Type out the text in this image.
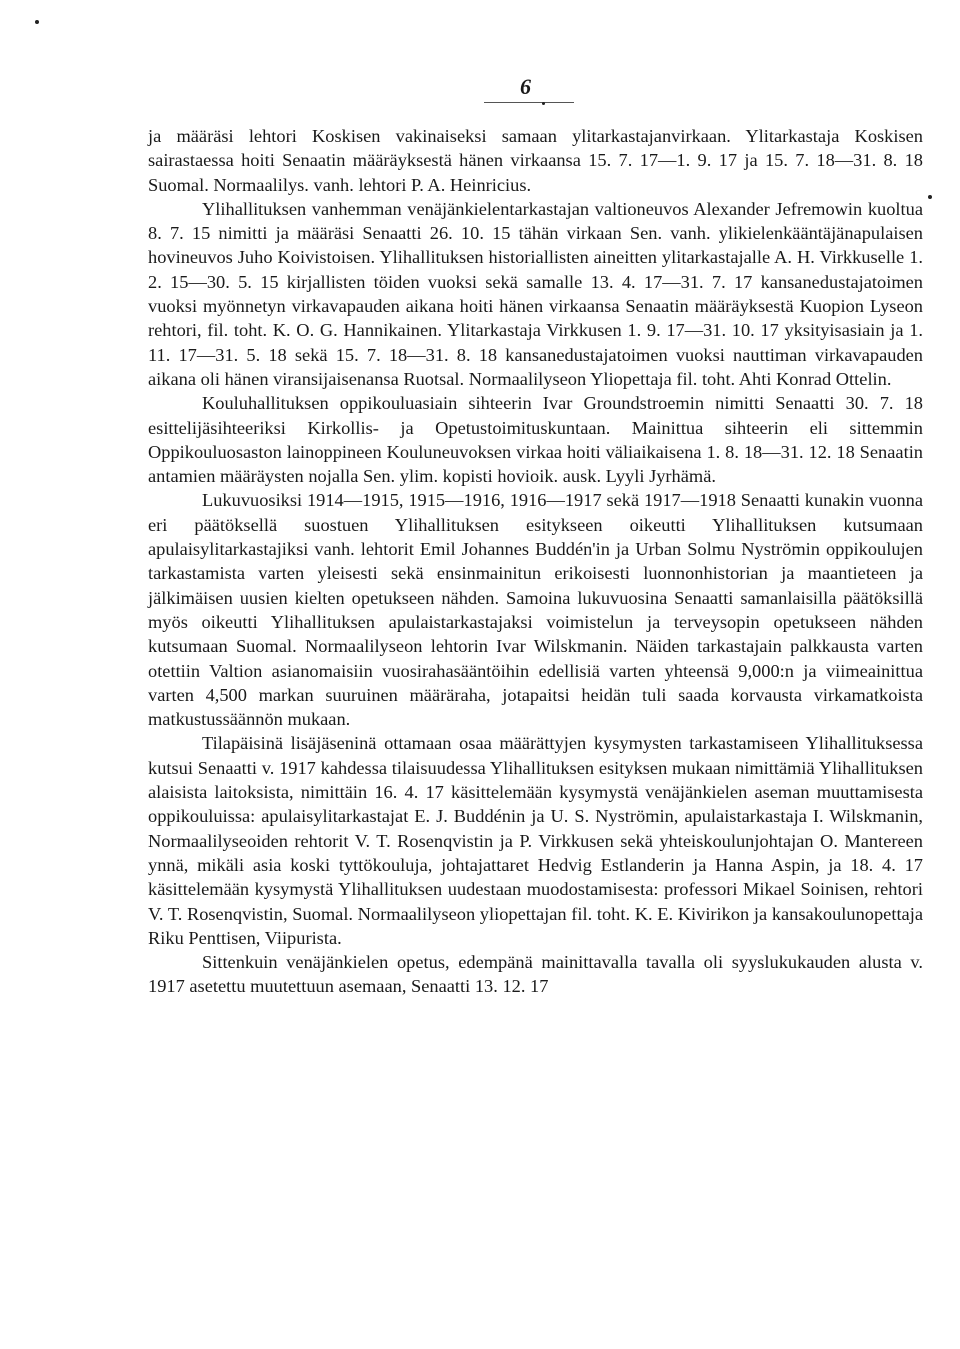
6

ja määräsi lehtori Koskisen vakinaiseksi samaan ylitarkastajanvirkaan. Ylitarkastaja Koskisen sairastaessa hoiti Senaatin määräyksestä hänen virkaansa 15. 7. 17—1. 9. 17 ja 15. 7. 18—31. 8. 18 Suomal. Normaalilys. vanh. lehtori P. A. Heinricius.

Ylihallituksen vanhemman venäjänkielentarkastajan valtioneuvos Alexander Jefremowin kuoltua 8. 7. 15 nimitti ja määräsi Senaatti 26. 10. 15 tähän virkaan Sen. vanh. ylikielenkääntäjänapulaisen hovineuvos Juho Koivistoisen. Ylihallituksen historiallisten aineitten ylitarkastajalle A. H. Virkkuselle 1. 2. 15—30. 5. 15 kirjallisten töiden vuoksi sekä samalle 13. 4. 17—31. 7. 17 kansanedustajatoimen vuoksi myönnetyn virkavapauden aikana hoiti hänen virkaansa Senaatin määräyksestä Kuopion Lyseon rehtori, fil. toht. K. O. G. Hannikainen. Ylitarkastaja Virkkusen 1. 9. 17—31. 10. 17 yksityisasiain ja 1. 11. 17—31. 5. 18 sekä 15. 7. 18—31. 8. 18 kansanedustajatoimen vuoksi nauttiman virkavapauden aikana oli hänen viransijaisenansa Ruotsal. Normaalilyseon Yliopettaja fil. toht. Ahti Konrad Ottelin.

Kouluhallituksen oppikouluasiain sihteerin Ivar Groundstroemin nimitti Senaatti 30. 7. 18 esittelijäsihteeriksi Kirkollis- ja Opetustoimituskuntaan. Mainittua sihteerin eli sittemmin Oppikouluosaston lainoppineen Kouluneuvoksen virkaa hoiti väliaikaisena 1. 8. 18—31. 12. 18 Senaatin antamien määräysten nojalla Sen. ylim. kopisti hovioik. ausk. Lyyli Jyrhämä.

Lukuvuosiksi 1914—1915, 1915—1916, 1916—1917 sekä 1917—1918 Senaatti kunakin vuonna eri päätöksellä suostuen Ylihallituksen esitykseen oikeutti Ylihallituksen kutsumaan apulaisylitarkastajiksi vanh. lehtorit Emil Johannes Buddén'in ja Urban Solmu Nyströmin oppikoulujen tarkastamista varten yleisesti sekä ensinmainitun erikoisesti luonnonhistorian ja maantieteen ja jälkimäisen uusien kielten opetukseen nähden. Samoina lukuvuosina Senaatti samanlaisilla päätöksillä myös oikeutti Ylihallituksen apulaistarkastajaksi voimistelun ja terveysopin opetukseen nähden kutsumaan Suomal. Normaalilyseon lehtorin Ivar Wilskmanin. Näiden tarkastajain palkkausta varten otettiin Valtion asianomaisiin vuosirahasääntöihin edellisiä varten yhteensä 9,000:n ja viimeainittua varten 4,500 markan suuruinen määräraha, jotapaitsi heidän tuli saada korvausta virkamatkoista matkustussäännön mukaan.

Tilapäisinä lisäjäseninä ottamaan osaa määrättyjen kysymysten tarkastamiseen Ylihallituksessa kutsui Senaatti v. 1917 kahdessa tilaisuudessa Ylihallituksen esityksen mukaan nimittämiä Ylihallituksen alaisista laitoksista, nimittäin 16. 4. 17 käsittelemään kysymystä venäjänkielen aseman muuttamisesta oppikouluissa: apulaisylitarkastajat E. J. Buddénin ja U. S. Nyströmin, apulaistarkastaja I. Wilskmanin, Normaalilyseoiden rehtorit V. T. Rosenqvistin ja P. Virkkusen sekä yhteiskoulunjohtajan O. Mantereen ynnä, mikäli asia koski tyttökouluja, johtajattaret Hedvig Estlanderin ja Hanna Aspin, ja 18. 4. 17 käsittelemään kysymystä Ylihallituksen uudestaan muodostamisesta: professori Mikael Soinisen, rehtori V. T. Rosenqvistin, Suomal. Normaalilyseon yliopettajan fil. toht. K. E. Kivirikon ja kansakoulunopettaja Riku Penttisen, Viipurista.

Sittenkuin venäjänkielen opetus, edempänä mainittavalla tavalla oli syyslukukauden alusta v. 1917 asetettu muutettuun asemaan, Senaatti 13. 12. 17
